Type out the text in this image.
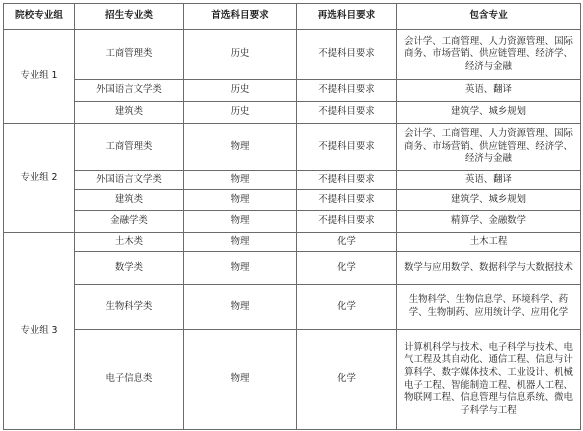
院校专业组	招生专业类	首选科目要求	再选科目要求	包含专业
专业组 1	工商管理类	历史	不提科目要求	会计学、工商管理、人力资源管理、国际商务、市场营销、供应链管理、经济学、经济与金融
	外国语言文学类	历史	不提科目要求	英语、翻译
	建筑类	历史	不提科目要求	建筑学、城乡规划
专业组 2	工商管理类	物理	不提科目要求	会计学、工商管理、人力资源管理、国际商务、市场营销、供应链管理、经济学、经济与金融
	外国语言文学类	物理	不提科目要求	英语、翻译
	建筑类	物理	不提科目要求	建筑学、城乡规划
	金融学类	物理	不提科目要求	精算学、金融数学
专业组 3	土木类	物理	化学	土木工程
	数学类	物理	化学	数学与应用数学、数据科学与大数据技术
	生物科学类	物理	化学	生物科学、生物信息学、环境科学、药学、生物制药、应用统计学、应用化学
	电子信息类	物理	化学	计算机科学与技术、电子科学与技术、电气工程及其自动化、通信工程、信息与计算科学、数字媒体技术、工业设计、机械电子工程、智能制造工程、机器人工程、物联网工程、信息管理与信息系统、微电子科学与工程
